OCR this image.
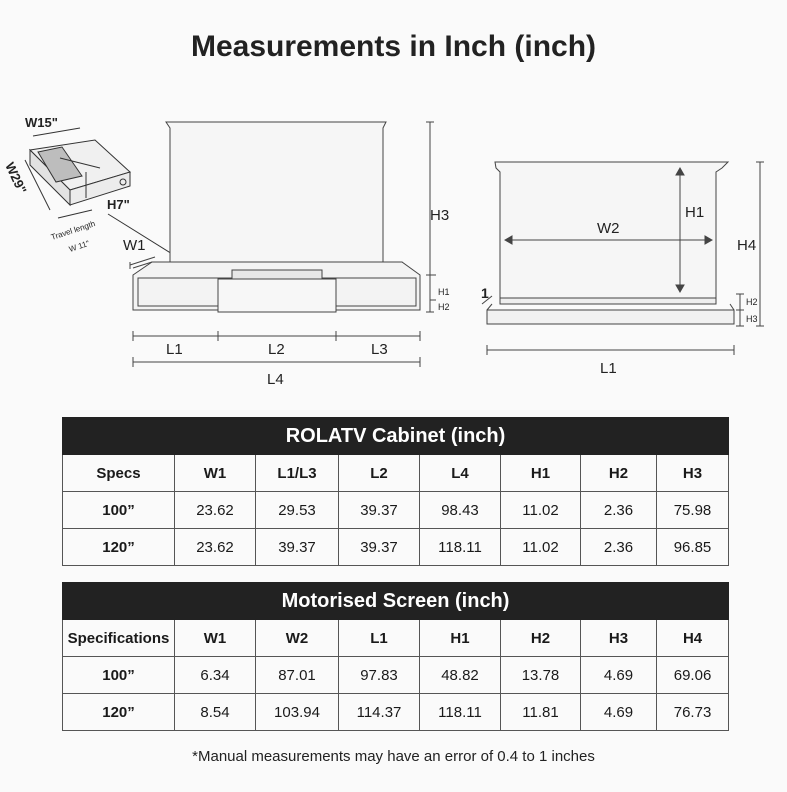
Measurements in Inch (inch)
W15"
W29"
H7"
Travel length
W 11" W1
H3
H1
H2
L1	L2	L3
L4
W2
H1
H4
H2
H3
1
L1
ROLATV Cabinet (inch)							
Specs	W1	L1/L3	L2	L4	H1	H2	H3
100”	23.62	29.53	39.37	98.43	11.02	2.36	75.98
120”	23.62	39.37	39.37	118.11	11.02	2.36	96.85
Motorised Screen (inch)							
Specifications	W1	W2	L1	H1	H2	H3	H4
100”	6.34	87.01	97.83	48.82	13.78	4.69	69.06
120”	8.54	103.94	114.37	118.11	11.81	4.69	76.73
*Manual measurements may have an error of 0.4 to 1 inches
